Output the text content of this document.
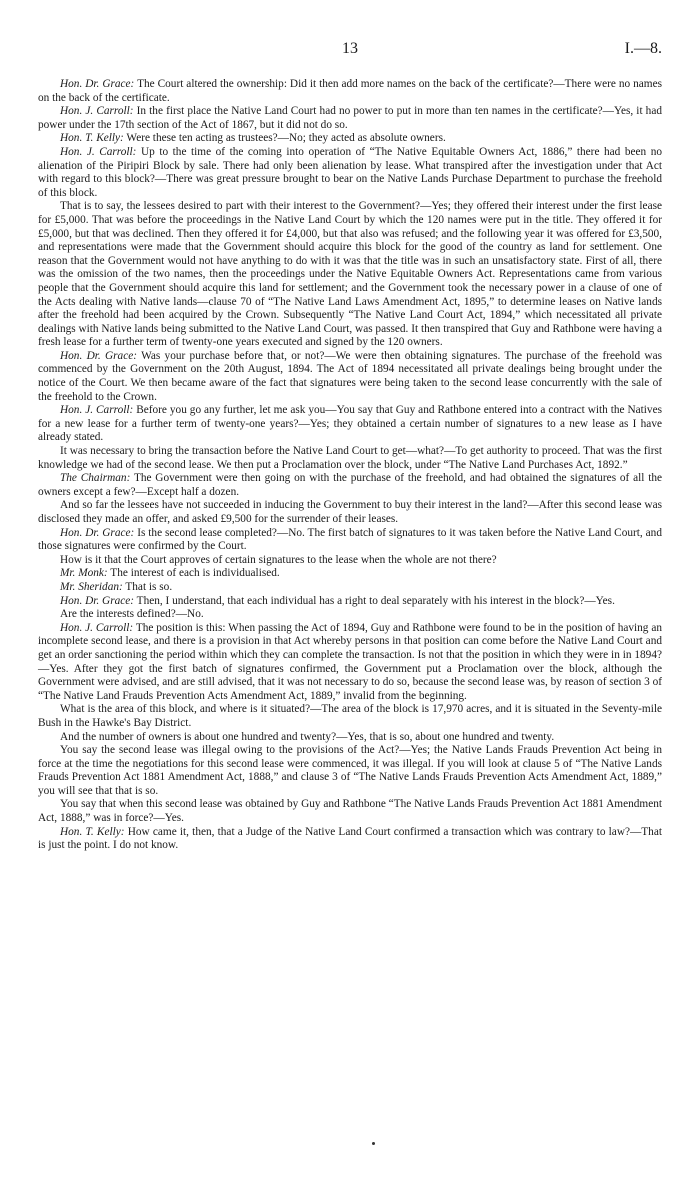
13	I.—8.

Hon. Dr. Grace: The Court altered the ownership: Did it then add more names on the back of the certificate?—There were no names on the back of the certificate.

Hon. J. Carroll: In the first place the Native Land Court had no power to put in more than ten names in the certificate?—Yes, it had power under the 17th section of the Act of 1867, but it did not do so.

Hon. T. Kelly: Were these ten acting as trustees?—No; they acted as absolute owners.

Hon. J. Carroll: Up to the time of the coming into operation of “The Native Equitable Owners Act, 1886,” there had been no alienation of the Piripiri Block by sale. There had only been alienation by lease. What transpired after the investigation under that Act with regard to this block?—There was great pressure brought to bear on the Native Lands Purchase Department to purchase the freehold of this block.

That is to say, the lessees desired to part with their interest to the Government?—Yes; they offered their interest under the first lease for £5,000. That was before the proceedings in the Native Land Court by which the 120 names were put in the title. They offered it for £5,000, but that was declined. Then they offered it for £4,000, but that also was refused; and the following year it was offered for £3,500, and representations were made that the Government should acquire this block for the good of the country as land for settlement. One reason that the Government would not have anything to do with it was that the title was in such an unsatisfactory state. First of all, there was the omission of the two names, then the proceedings under the Native Equitable Owners Act. Representations came from various people that the Government should acquire this land for settlement; and the Government took the necessary power in a clause of one of the Acts dealing with Native lands—clause 70 of “The Native Land Laws Amendment Act, 1895,” to determine leases on Native lands after the freehold had been acquired by the Crown. Subsequently “The Native Land Court Act, 1894,” which necessitated all private dealings with Native lands being submitted to the Native Land Court, was passed. It then transpired that Guy and Rathbone were having a fresh lease for a further term of twenty-one years executed and signed by the 120 owners.

Hon. Dr. Grace: Was your purchase before that, or not?—We were then obtaining signatures. The purchase of the freehold was commenced by the Government on the 20th August, 1894. The Act of 1894 necessitated all private dealings being brought under the notice of the Court. We then became aware of the fact that signatures were being taken to the second lease concurrently with the sale of the freehold to the Crown.

Hon. J. Carroll: Before you go any further, let me ask you—You say that Guy and Rathbone entered into a contract with the Natives for a new lease for a further term of twenty-one years?—Yes; they obtained a certain number of signatures to a new lease as I have already stated.

It was necessary to bring the transaction before the Native Land Court to get—what?—To get authority to proceed. That was the first knowledge we had of the second lease. We then put a Proclamation over the block, under “The Native Land Purchases Act, 1892.”

The Chairman: The Government were then going on with the purchase of the freehold, and had obtained the signatures of all the owners except a few?—Except half a dozen.

And so far the lessees have not succeeded in inducing the Government to buy their interest in the land?—After this second lease was disclosed they made an offer, and asked £9,500 for the surrender of their leases.

Hon. Dr. Grace: Is the second lease completed?—No. The first batch of signatures to it was taken before the Native Land Court, and those signatures were confirmed by the Court.

How is it that the Court approves of certain signatures to the lease when the whole are not there?

Mr. Monk: The interest of each is individualised.

Mr. Sheridan: That is so.

Hon. Dr. Grace: Then, I understand, that each individual has a right to deal separately with his interest in the block?—Yes.

Are the interests defined?—No.

Hon. J. Carroll: The position is this: When passing the Act of 1894, Guy and Rathbone were found to be in the position of having an incomplete second lease, and there is a provision in that Act whereby persons in that position can come before the Native Land Court and get an order sanctioning the period within which they can complete the transaction. Is not that the position in which they were in in 1894?—Yes. After they got the first batch of signatures confirmed, the Government put a Proclamation over the block, although the Government were advised, and are still advised, that it was not necessary to do so, because the second lease was, by reason of section 3 of “The Native Land Frauds Prevention Acts Amendment Act, 1889,” invalid from the beginning.

What is the area of this block, and where is it situated?—The area of the block is 17,970 acres, and it is situated in the Seventy-mile Bush in the Hawke's Bay District.

And the number of owners is about one hundred and twenty?—Yes, that is so, about one hundred and twenty.

You say the second lease was illegal owing to the provisions of the Act?—Yes; the Native Lands Frauds Prevention Act being in force at the time the negotiations for this second lease were commenced, it was illegal. If you will look at clause 5 of “The Native Lands Frauds Prevention Act 1881 Amendment Act, 1888,” and clause 3 of “The Native Lands Frauds Prevention Acts Amendment Act, 1889,” you will see that that is so.

You say that when this second lease was obtained by Guy and Rathbone “The Native Lands Frauds Prevention Act 1881 Amendment Act, 1888,” was in force?—Yes.

Hon. T. Kelly: How came it, then, that a Judge of the Native Land Court confirmed a transaction which was contrary to law?—That is just the point. I do not know.
